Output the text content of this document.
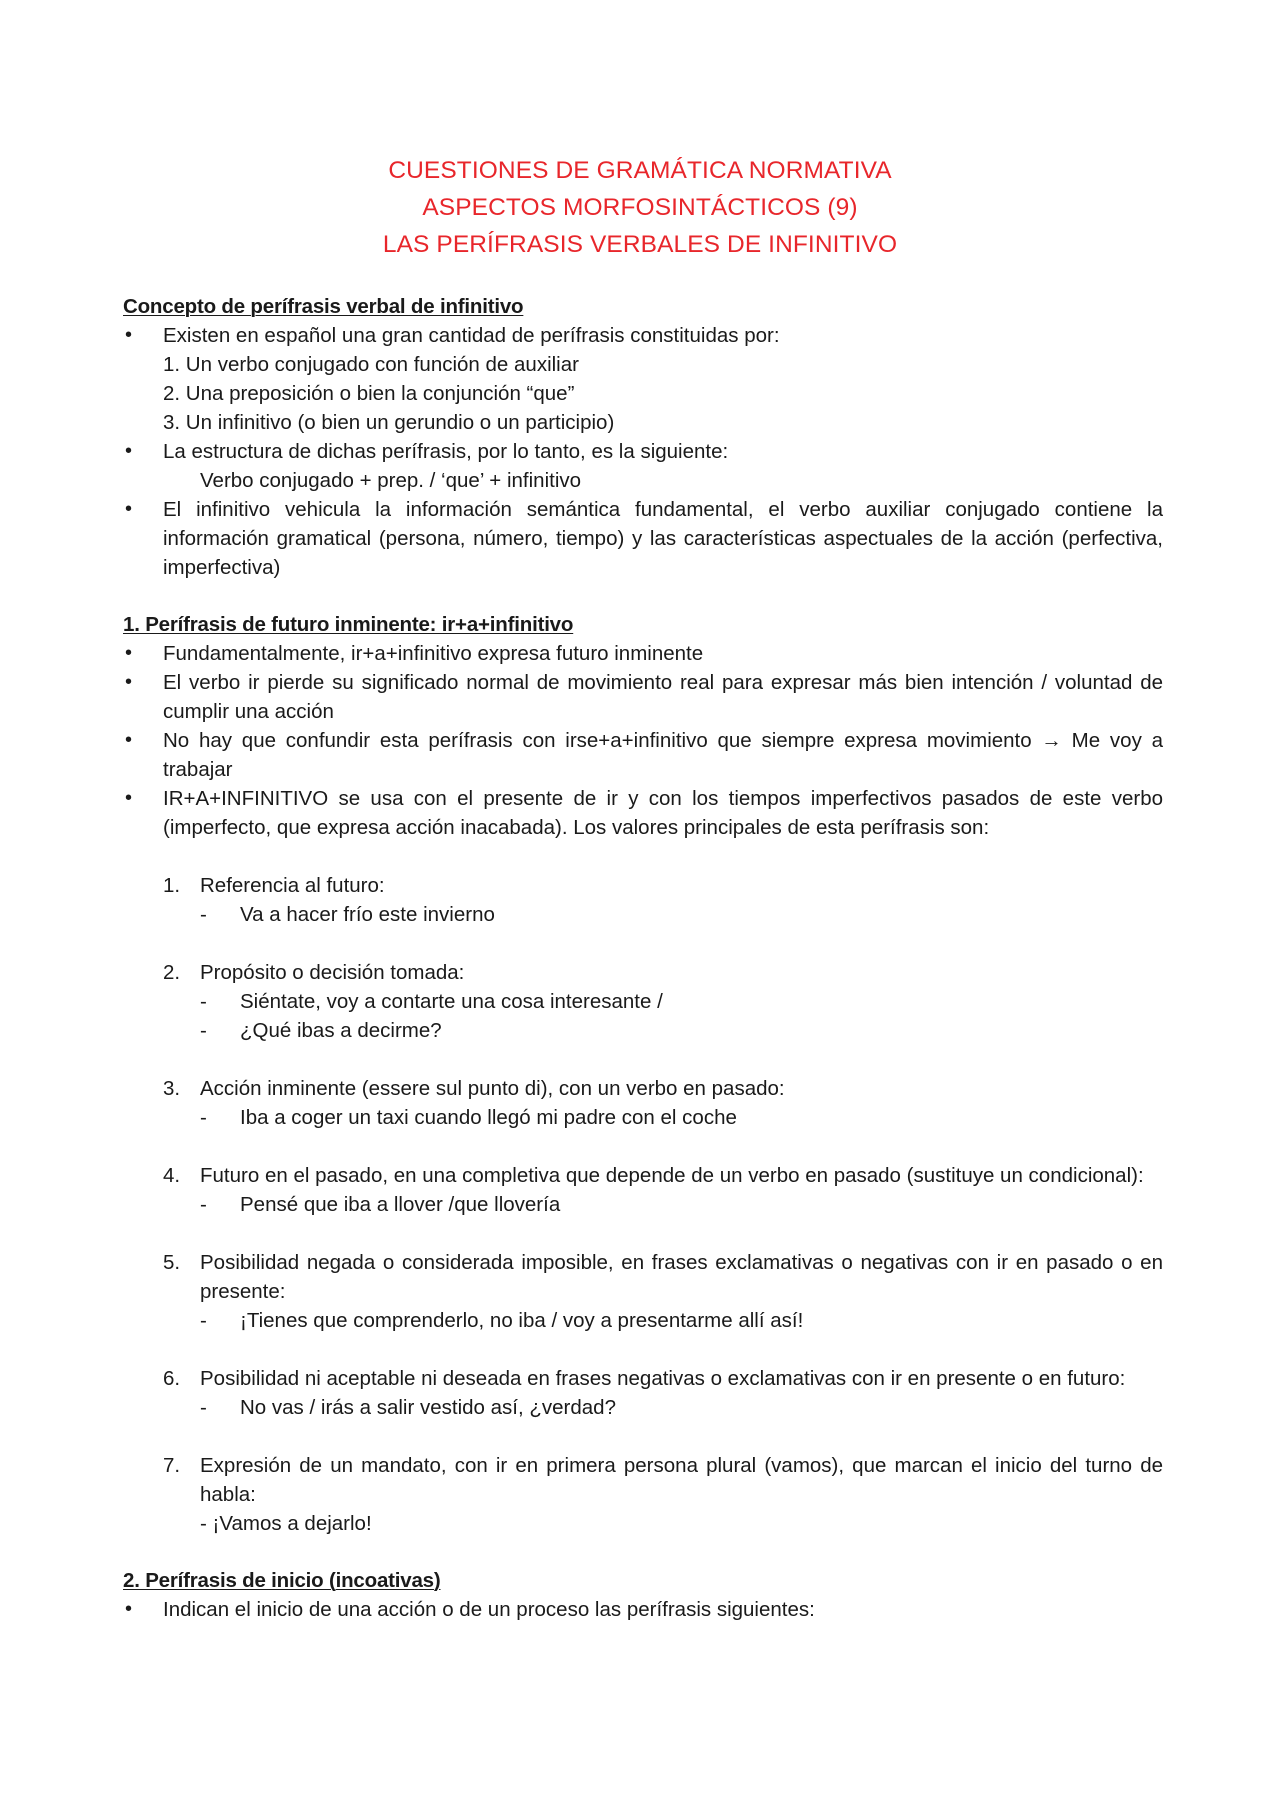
CUESTIONES DE GRAMÁTICA NORMATIVA
ASPECTOS MORFOSINTÁCTICOS (9)
LAS PERÍFRASIS VERBALES DE INFINITIVO
Concepto de perífrasis verbal de infinitivo
•	Existen en español una gran cantidad de perífrasis constituidas por:
1. Un verbo conjugado con función de auxiliar
2. Una preposición o bien la conjunción “que”
3. Un infinitivo (o bien un gerundio o un participio)
•	La estructura de dichas perífrasis, por lo tanto, es la siguiente:
Verbo conjugado + prep. / ‘que’ + infinitivo
•	El infinitivo vehicula la información semántica fundamental, el verbo auxiliar conjugado contiene la información gramatical (persona, número, tiempo) y las características aspectuales de la acción (perfectiva, imperfectiva)
1. Perífrasis de futuro inminente: ir+a+infinitivo
•	Fundamentalmente, ir+a+infinitivo expresa futuro inminente
•	El verbo ir pierde su significado normal de movimiento real para expresar más bien intención / voluntad de cumplir una acción
•	No hay que confundir esta perífrasis con irse+a+infinitivo que siempre expresa movimiento → Me voy a trabajar
•	IR+A+INFINITIVO se usa con el presente de ir y con los tiempos imperfectivos pasados de este verbo (imperfecto, que expresa acción inacabada). Los valores principales de esta perífrasis son:
1. Referencia al futuro:
-	Va a hacer frío este invierno
2. Propósito o decisión tomada:
-	Siéntate, voy a contarte una cosa interesante /
-	¿Qué ibas a decirme?
3. Acción inminente (essere sul punto di), con un verbo en pasado:
-	Iba a coger un taxi cuando llegó mi padre con el coche
4. Futuro en el pasado, en una completiva que depende de un verbo en pasado (sustituye un condicional):
-	Pensé que iba a llover /que llovería
5. Posibilidad negada o considerada imposible, en frases exclamativas o negativas con ir en pasado o en presente:
-	¡Tienes que comprenderlo, no iba / voy a presentarme allí así!
6. Posibilidad ni aceptable ni deseada en frases negativas o exclamativas con ir en presente o en futuro:
-	No vas / irás a salir vestido así, ¿verdad?
7. Expresión de un mandato, con ir en primera persona plural (vamos), que marcan el inicio del turno de habla:
- ¡Vamos a dejarlo!
2. Perífrasis de inicio (incoativas)
•	Indican el inicio de una acción o de un proceso las perífrasis siguientes:
